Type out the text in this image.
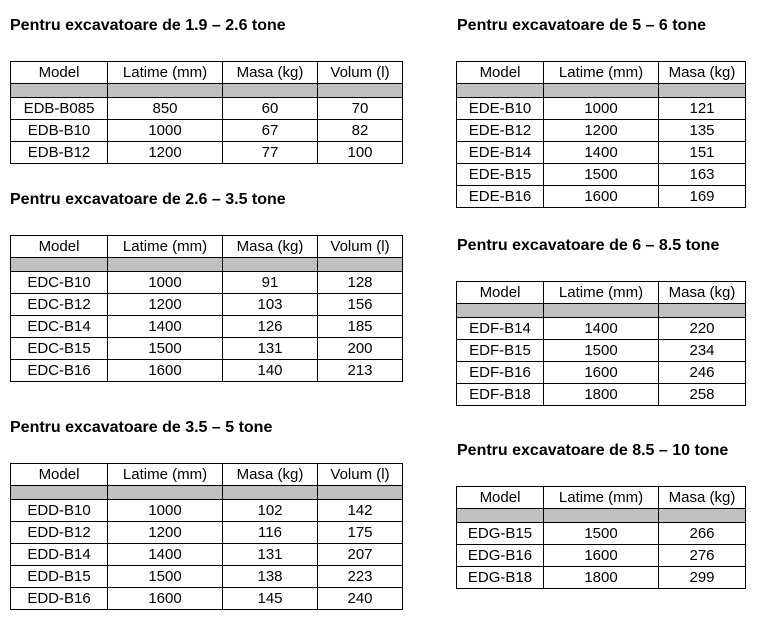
Pentru excavatoare de 1.9 – 2.6 tone
Model	Latime (mm)	Masa (kg)	Volum (l)

EDB-B085	850	60	70
EDB-B10	1000	67	82
EDB-B12	1200	77	100
Pentru excavatoare de 2.6 – 3.5 tone
Model	Latime (mm)	Masa (kg)	Volum (l)

EDC-B10	1000	91	128
EDC-B12	1200	103	156
EDC-B14	1400	126	185
EDC-B15	1500	131	200
EDC-B16	1600	140	213
Pentru excavatoare de 3.5 – 5 tone
Model	Latime (mm)	Masa (kg)	Volum (l)

EDD-B10	1000	102	142
EDD-B12	1200	116	175
EDD-B14	1400	131	207
EDD-B15	1500	138	223
EDD-B16	1600	145	240
Pentru excavatoare de 5 – 6 tone
Model	Latime (mm)	Masa (kg)

EDE-B10	1000	121
EDE-B12	1200	135
EDE-B14	1400	151
EDE-B15	1500	163
EDE-B16	1600	169
Pentru excavatoare de 6 – 8.5 tone
Model	Latime (mm)	Masa (kg)

EDF-B14	1400	220
EDF-B15	1500	234
EDF-B16	1600	246
EDF-B18	1800	258
Pentru excavatoare de 8.5 – 10 tone
Model	Latime (mm)	Masa (kg)

EDG-B15	1500	266
EDG-B16	1600	276
EDG-B18	1800	299
